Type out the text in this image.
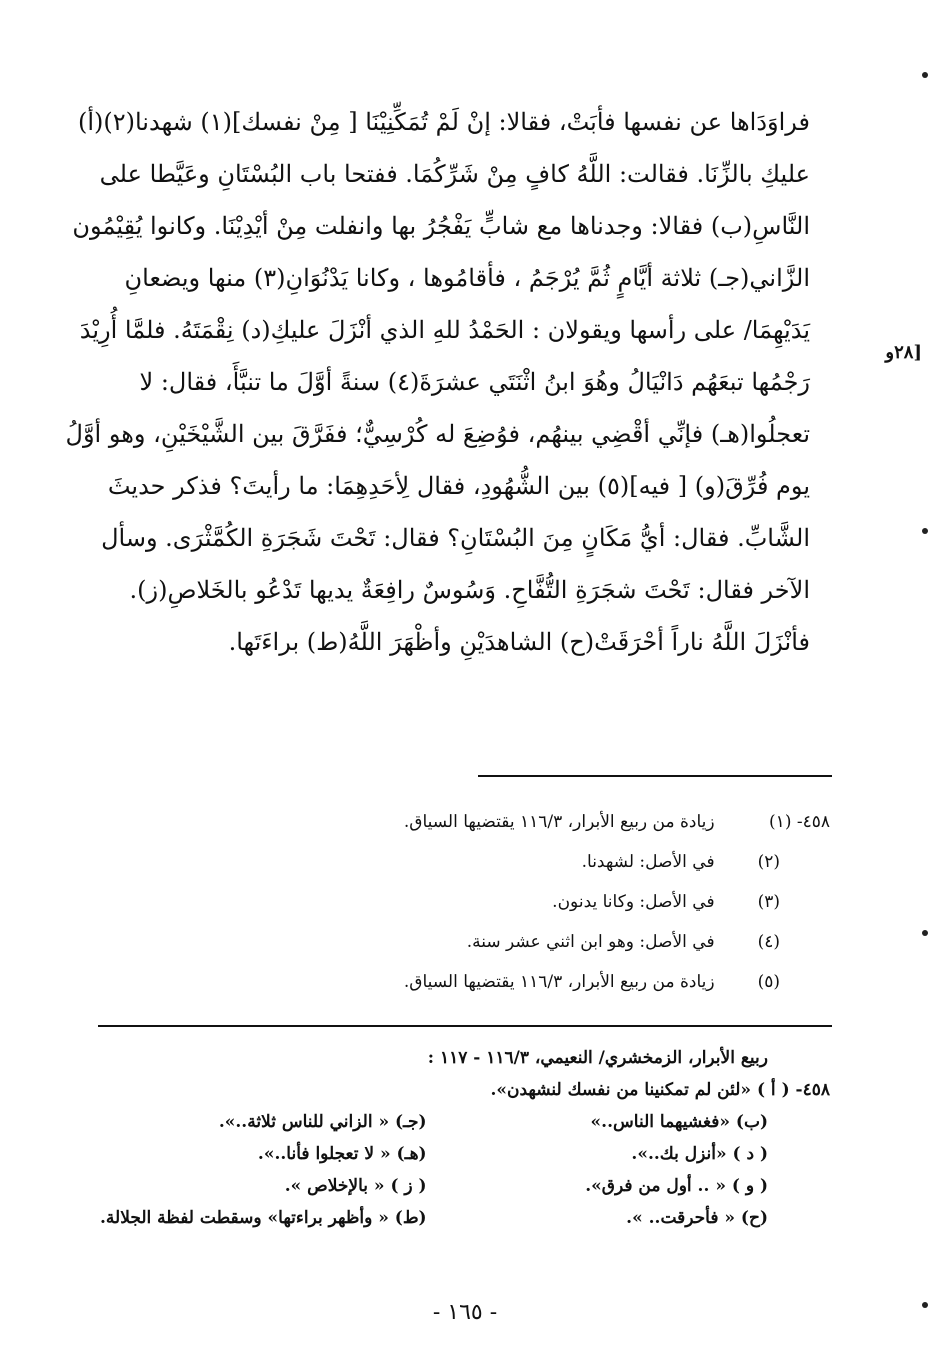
فراوَدَاها عن نفسها فأبَتْ، فقالا: إنْ لَمْ تُمَكِّنِيْنَا [ مِنْ نفسك](١) شهدنا(٢)(أ)
عليكِ بالزِّنَا. فقالت: اللَّهُ كافٍ مِنْ شَرِّكُمَا. ففتحا باب البُسْتَانِ وعَيَّطا على
النَّاسِ(ب) فقالا: وجدناها مع شابٍّ يَفْجُرُ بها وانفلت مِنْ أيْدِيْنَا. وكانوا يُقِيْمُون
الزَّاني(جـ) ثلاثة أيَّامٍ ثُمَّ يُرْجَمُ ، فأقامُوها ، وكانا يَدْنُوَانِ(٣) منها ويضعانِ
يَدَيْهِمَا/ على رأسها ويقولان : الحَمْدُ للهِ الذي أنْزَلَ عليكِ(د) نِقْمَتَهُ. فلمَّا أُرِيْدَ
رَجْمُها تبعَهُم دَانْيَالُ وهُوَ ابنُ اثْنَتَي عشرَةَ(٤) سنةً أوَّلَ ما تنبَّأَ، فقال: لا
تعجلُوا(هـ) فإنِّي أقْضِي بينهُم، فوُضِعَ له كُرْسِيٌّ؛ ففَرَّقَ بين الشَّيْخَيْنِ، وهو أوَّلُ
يوم فُرِّقَ(و) [ فيه](٥) بين الشُّهُودِ، فقال لِأحَدِهِمَا: ما رأيتَ؟ فذكر حديثَ
الشَّابِّ. فقال: أيُّ مَكَانٍ مِنَ البُسْتَانِ؟ فقال: تَحْتَ شَجَرَةِ الكُمَّثْرَى. وسأل
الآخر فقال: تَحْتَ شجَرَةِ التُّفَّاحِ. وَسُوسٌ رافِعَةٌ يديها تَدْعُو بالخَلاصِ(ز).
فأنْزَلَ اللَّهُ ناراً أحْرَقَتْ(ح) الشاهدَيْنِ وأظْهَرَ اللَّهُ(ط) براءَتَها.
[٢٨و
٤٥٨- (١) زيادة من ربيع الأبرار، ١١٦/٣ يقتضيها السياق.
(٢) في الأصل: لشهدنا.
(٣) في الأصل: وكانا يدنون.
(٤) في الأصل: وهو ابن اثني عشر سنة.
(٥) زيادة من ربيع الأبرار، ١١٦/٣ يقتضيها السياق.
ربيع الأبرار، الزمخشري/ النعيمي، ١١٦/٣ - ١١٧ :
٤٥٨- ( أ ) «لئن لم تمكنينا من نفسك لنشهدن».
(ب) «فغشيهما الناس..»
(جـ) « الزاني للناس ثلاثة..».
( د ) «أنزل بك..».
(هـ) « لا تعجلوا فأنا..».
( و ) « .. أول من فرق».
( ز ) « بالإخلاص ».
(ح) « فأحرقت.. ».
(ط) « وأظهر براءتها» وسقطت لفظة الجلالة.
- ١٦٥ -
